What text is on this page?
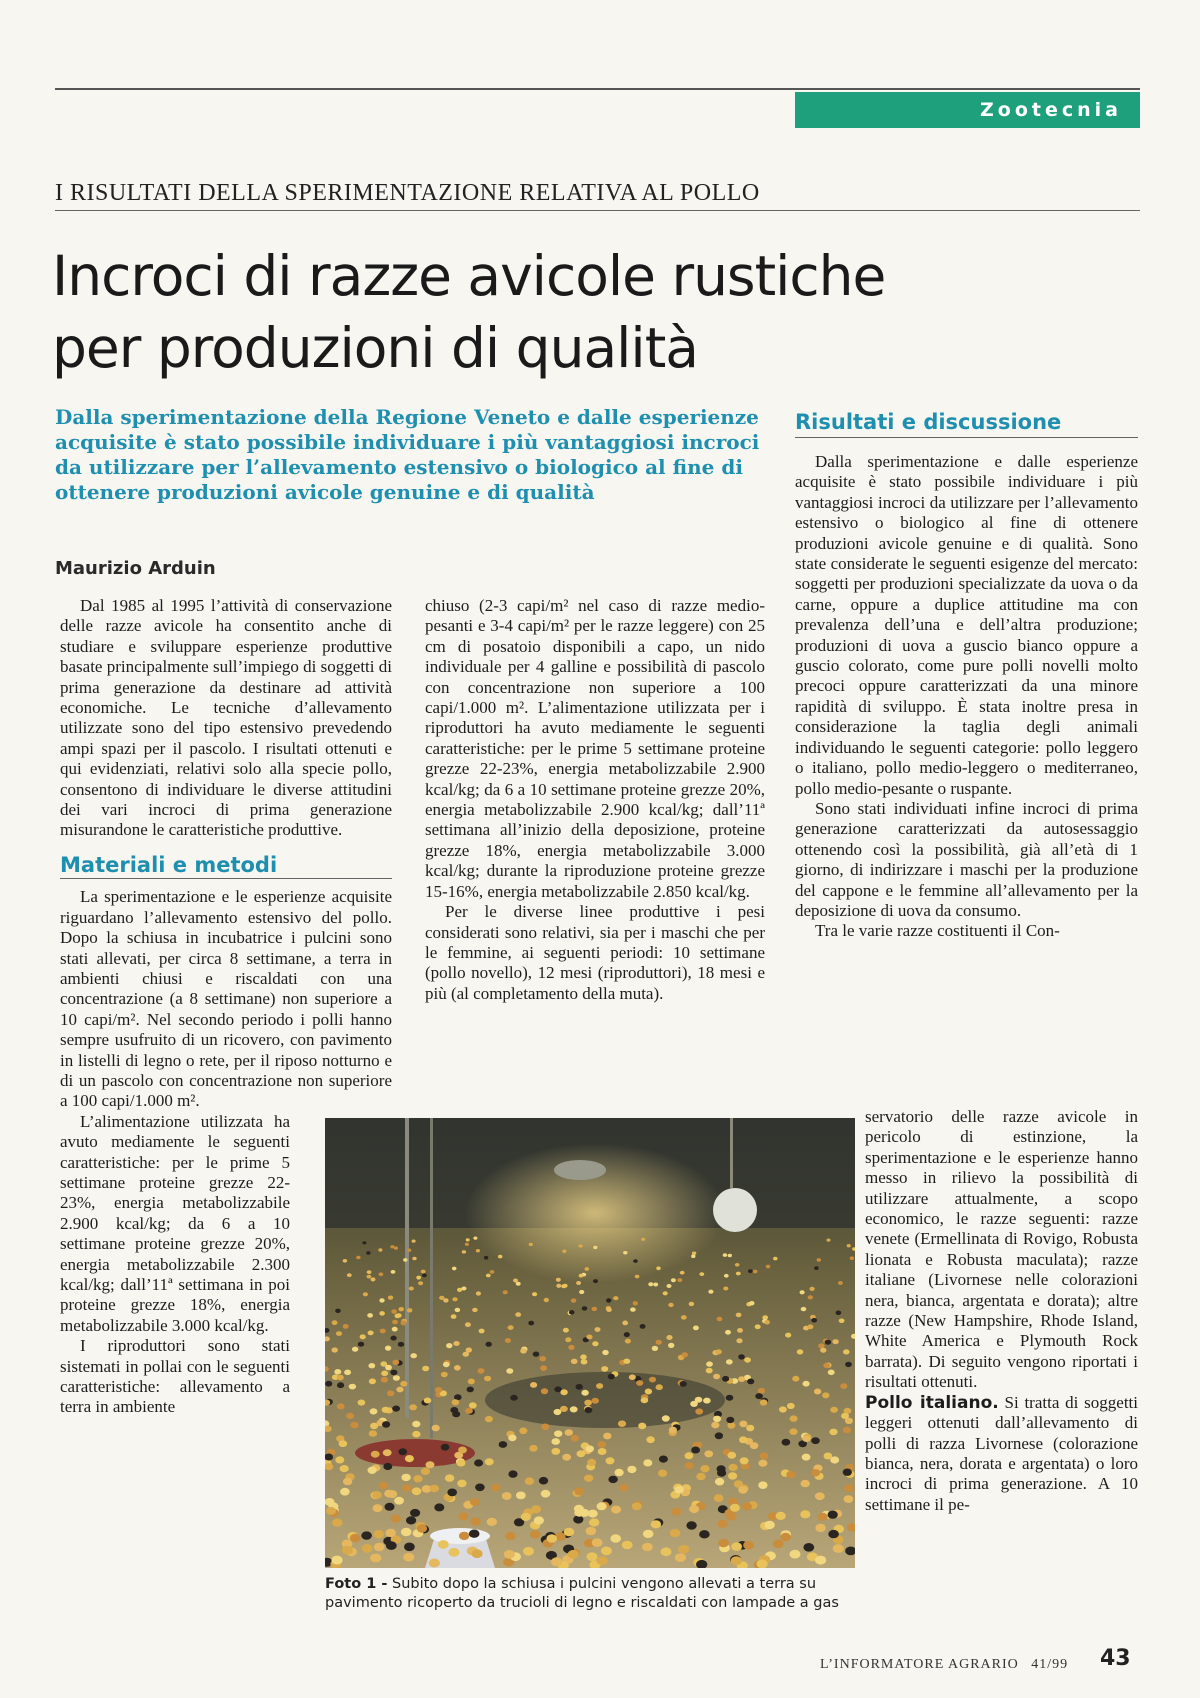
Zootecnia
I RISULTATI DELLA SPERIMENTAZIONE RELATIVA AL POLLO
Incroci di razze avicole rustiche
per produzioni di qualità
Dalla sperimentazione della Regione Veneto e dalle esperienze acquisite è stato possibile individuare i più vantaggiosi incroci da utilizzare per l’allevamento estensivo o biologico al fine di ottenere produzioni avicole genuine e di qualità
Maurizio Arduin

Dal 1985 al 1995 l’attività di conservazione delle razze avicole ha consentito anche di studiare e sviluppare esperienze produttive basate principalmente sull’impiego di soggetti di prima generazione da destinare ad attività economiche. Le tecniche d’allevamento utilizzate sono del tipo estensivo prevedendo ampi spazi per il pascolo. I risultati ottenuti e qui evidenziati, relativi solo alla specie pollo, consentono di individuare le diverse attitudini dei vari incroci di prima generazione misurandone le caratteristiche produttive.

Materiali e metodi

La sperimentazione e le esperienze acquisite riguardano l’allevamento estensivo del pollo. Dopo la schiusa in incubatrice i pulcini sono stati allevati, per circa 8 settimane, a terra in ambienti chiusi e riscaldati con una concentrazione (a 8 settimane) non superiore a 10 capi/m². Nel secondo periodo i polli hanno sempre usufruito di un ricovero, con pavimento in listelli di legno o rete, per il riposo notturno e di un pascolo con concentrazione non superiore a 100 capi/1.000 m².

L’alimentazione utilizzata ha avuto mediamente le seguenti caratteristiche: per le prime 5 settimane proteine grezze 22-23%, energia metabolizzabile 2.900 kcal/kg; da 6 a 10 settimane proteine grezze 20%, energia metabolizzabile 2.300 kcal/kg; dall’11ª settimana in poi proteine grezze 18%, energia metabolizzabile 3.000 kcal/kg.

I riproduttori sono stati sistemati in pollai con le seguenti caratteristiche: allevamento a terra in ambiente

chiuso (2-3 capi/m² nel caso di razze medio-pesanti e 3-4 capi/m² per le razze leggere) con 25 cm di posatoio disponibili a capo, un nido individuale per 4 galline e possibilità di pascolo con concentrazione non superiore a 100 capi/1.000 m². L’alimentazione utilizzata per i riproduttori ha avuto mediamente le seguenti caratteristiche: per le prime 5 settimane proteine grezze 22-23%, energia metabolizzabile 2.900 kcal/kg; da 6 a 10 settimane proteine grezze 20%, energia metabolizzabile 2.900 kcal/kg; dall’11ª settimana all’inizio della deposizione, proteine grezze 18%, energia metabolizzabile 3.000 kcal/kg; durante la riproduzione proteine grezze 15-16%, energia metabolizzabile 2.850 kcal/kg.

Per le diverse linee produttive i pesi considerati sono relativi, sia per i maschi che per le femmine, ai seguenti periodi: 10 settimane (pollo novello), 12 mesi (riproduttori), 18 mesi e più (al completamento della muta).

Risultati e discussione

Dalla sperimentazione e dalle esperienze acquisite è stato possibile individuare i più vantaggiosi incroci da utilizzare per l’allevamento estensivo o biologico al fine di ottenere produzioni avicole genuine e di qualità. Sono state considerate le seguenti esigenze del mercato: soggetti per produzioni specializzate da uova o da carne, oppure a duplice attitudine ma con prevalenza dell’una e dell’altra produzione; produzioni di uova a guscio bianco oppure a guscio colorato, come pure polli novelli molto precoci oppure caratterizzati da una minore rapidità di sviluppo. È stata inoltre presa in considerazione la taglia degli animali individuando le seguenti categorie: pollo leggero o italiano, pollo medio-leggero o mediterraneo, pollo medio-pesante o ruspante.

Sono stati individuati infine incroci di prima generazione caratterizzati da autosessaggio ottenendo così la possibilità, già all’età di 1 giorno, di indirizzare i maschi per la produzione del cappone e le femmine all’allevamento per la deposizione di uova da consumo.

Tra le varie razze costituenti il Con-

servatorio delle razze avicole in pericolo di estinzione, la sperimentazione e le esperienze hanno messo in rilievo la possibilità di utilizzare attualmente, a scopo economico, le razze seguenti: razze venete (Ermellinata di Rovigo, Robusta lionata e Robusta maculata); razze italiane (Livornese nelle colorazioni nera, bianca, argentata e dorata); altre razze (New Hampshire, Rhode Island, White America e Plymouth Rock barrata). Di seguito vengono riportati i risultati ottenuti.

Pollo italiano. Si tratta di soggetti leggeri ottenuti dall’allevamento di polli di razza Livornese (colorazione bianca, nera, dorata e argentata) o loro incroci di prima generazione. A 10 settimane il pe-

Foto 1 - Subito dopo la schiusa i pulcini vengono allevati a terra su pavimento ricoperto da trucioli di legno e riscaldati con lampade a gas
L’INFORMATORE AGRARIO 41/99 43
